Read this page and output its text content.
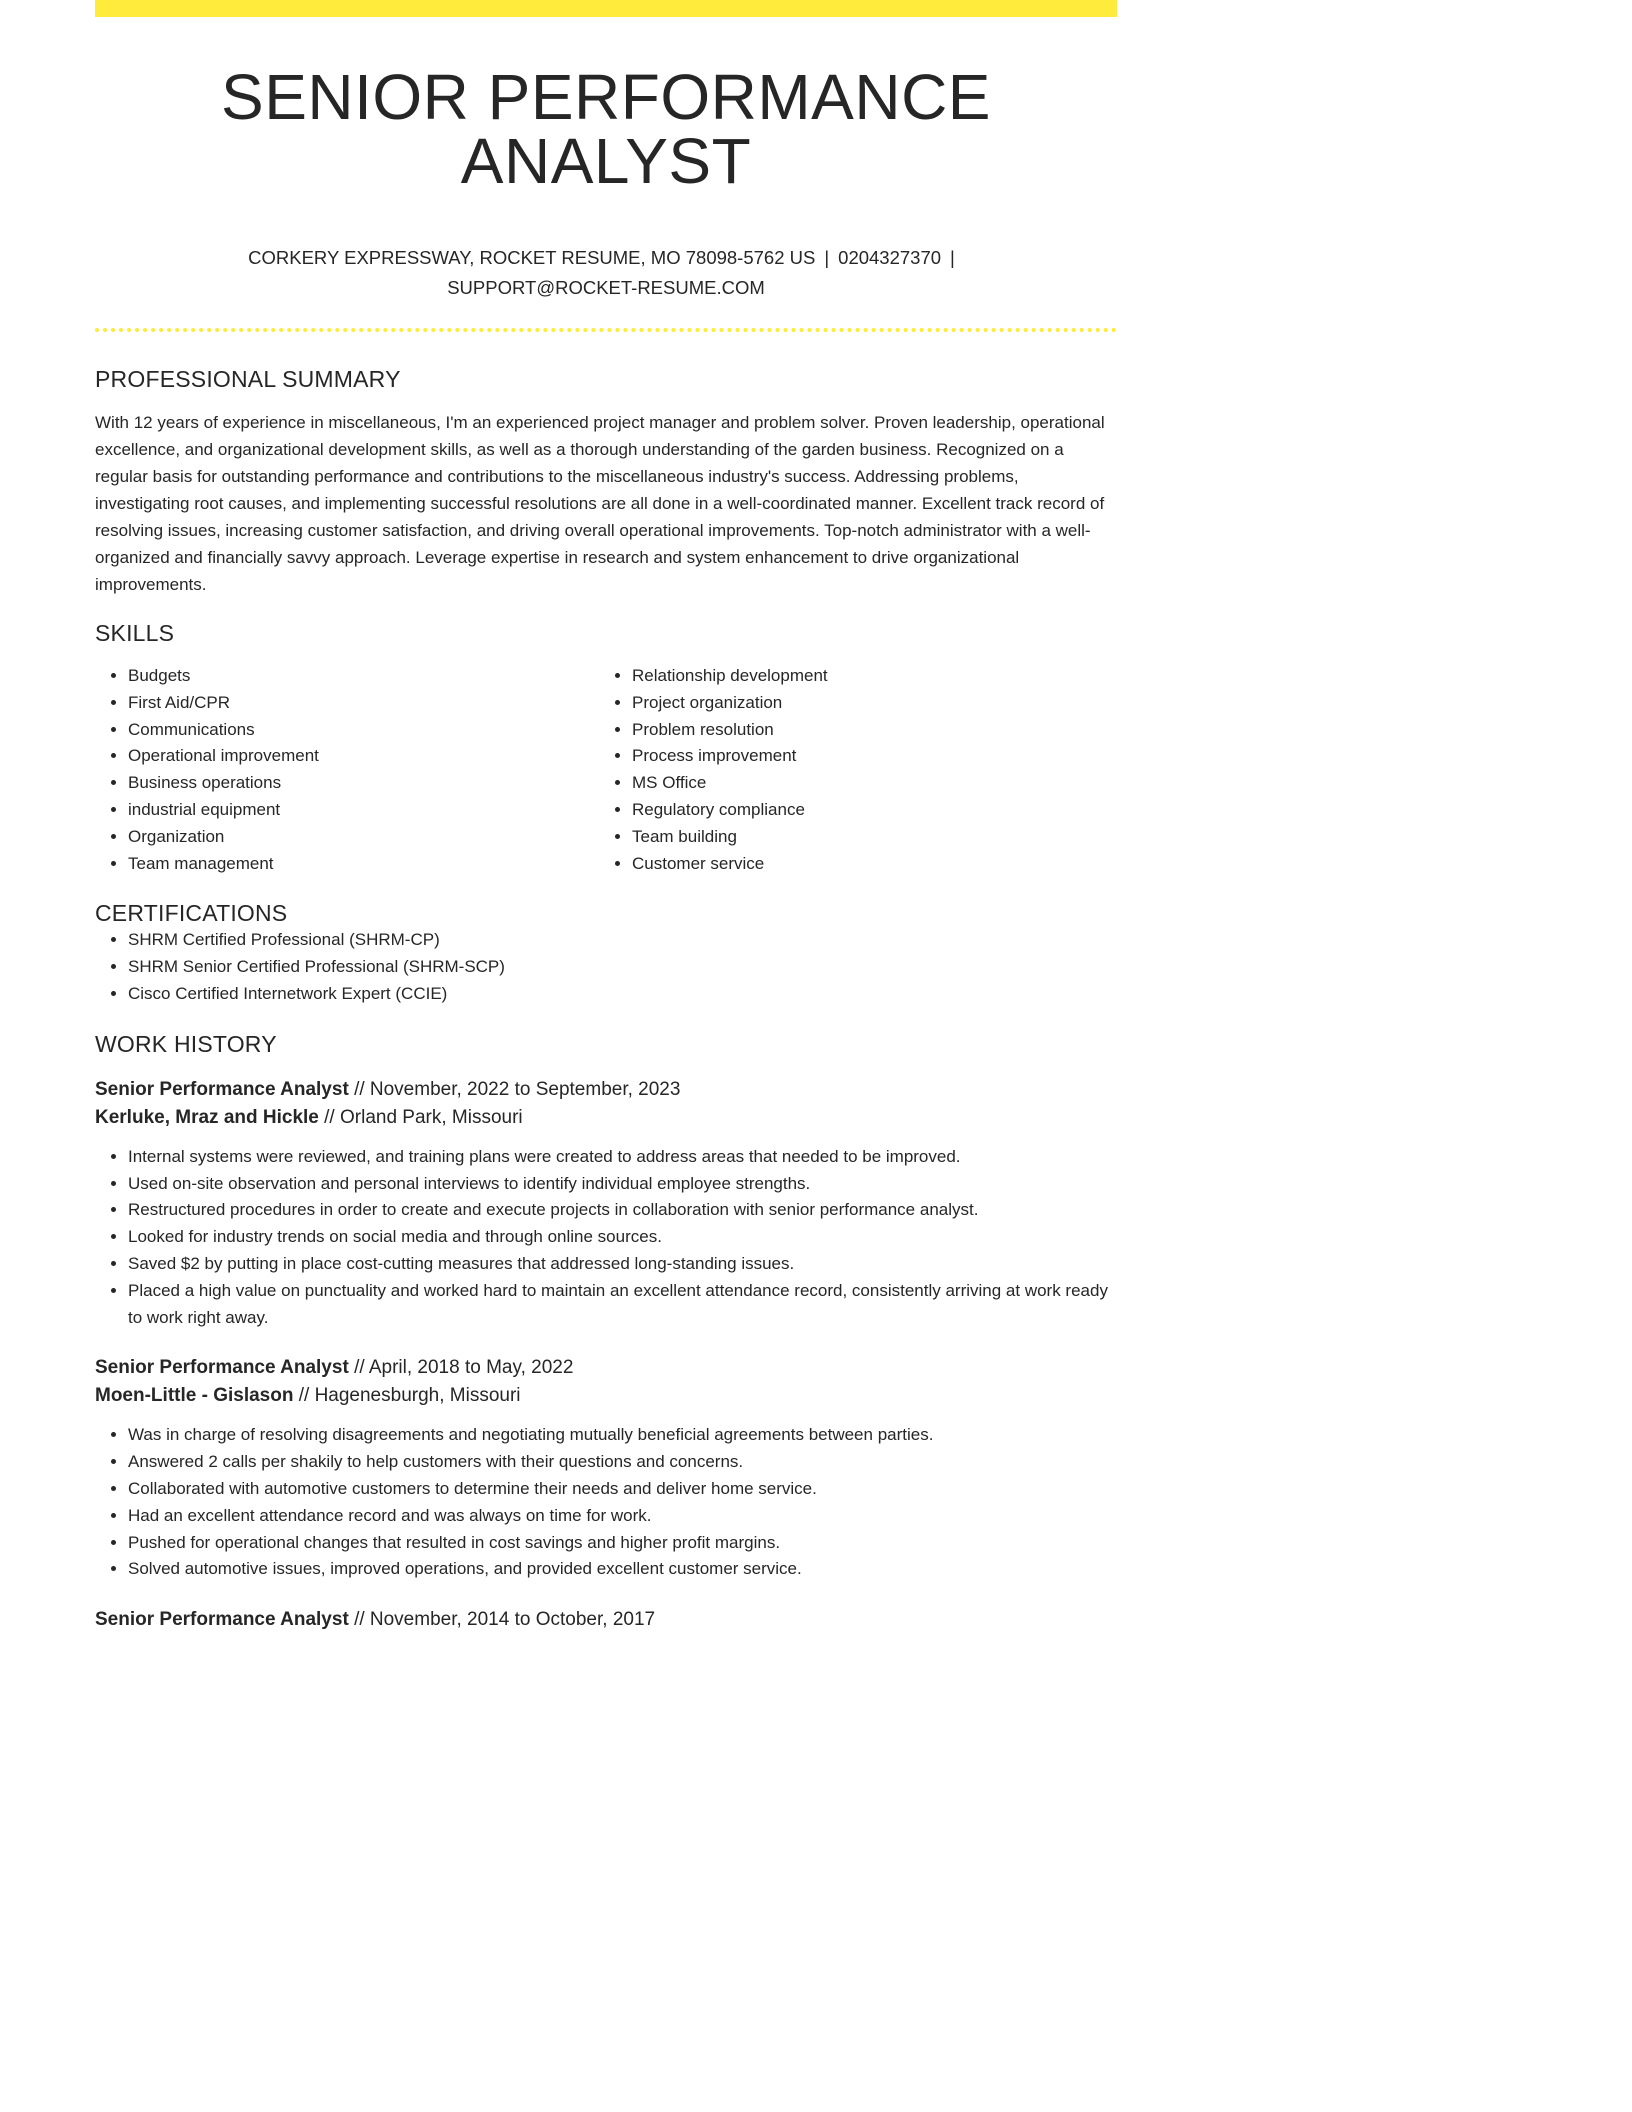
SENIOR PERFORMANCE ANALYST
CORKERY EXPRESSWAY, ROCKET RESUME, MO 78098-5762 US | 0204327370 |
SUPPORT@ROCKET-RESUME.COM
PROFESSIONAL SUMMARY

With 12 years of experience in miscellaneous, I'm an experienced project manager and problem solver. Proven leadership, operational excellence, and organizational development skills, as well as a thorough understanding of the garden business. Recognized on a regular basis for outstanding performance and contributions to the miscellaneous industry's success. Addressing problems, investigating root causes, and implementing successful resolutions are all done in a well-coordinated manner. Excellent track record of resolving issues, increasing customer satisfaction, and driving overall operational improvements. Top-notch administrator with a well-organized and financially savvy approach. Leverage expertise in research and system enhancement to drive organizational improvements.

SKILLS
• Budgets
• First Aid/CPR
• Communications
• Operational improvement
• Business operations
• industrial equipment
• Organization
• Team management
• Relationship development
• Project organization
• Problem resolution
• Process improvement
• MS Office
• Regulatory compliance
• Team building
• Customer service
CERTIFICATIONS
• SHRM Certified Professional (SHRM-CP)
• SHRM Senior Certified Professional (SHRM-SCP)
• Cisco Certified Internetwork Expert (CCIE)
WORK HISTORY
Senior Performance Analyst // November, 2022 to September, 2023
Kerluke, Mraz and Hickle // Orland Park, Missouri
• Internal systems were reviewed, and training plans were created to address areas that needed to be improved.
• Used on-site observation and personal interviews to identify individual employee strengths.
• Restructured procedures in order to create and execute projects in collaboration with senior performance analyst.
• Looked for industry trends on social media and through online sources.
• Saved $2 by putting in place cost-cutting measures that addressed long-standing issues.
• Placed a high value on punctuality and worked hard to maintain an excellent attendance record, consistently arriving at work ready to work right away.
Senior Performance Analyst // April, 2018 to May, 2022
Moen-Little - Gislason // Hagenesburgh, Missouri
• Was in charge of resolving disagreements and negotiating mutually beneficial agreements between parties.
• Answered 2 calls per shakily to help customers with their questions and concerns.
• Collaborated with automotive customers to determine their needs and deliver home service.
• Had an excellent attendance record and was always on time for work.
• Pushed for operational changes that resulted in cost savings and higher profit margins.
• Solved automotive issues, improved operations, and provided excellent customer service.
Senior Performance Analyst // November, 2014 to October, 2017
